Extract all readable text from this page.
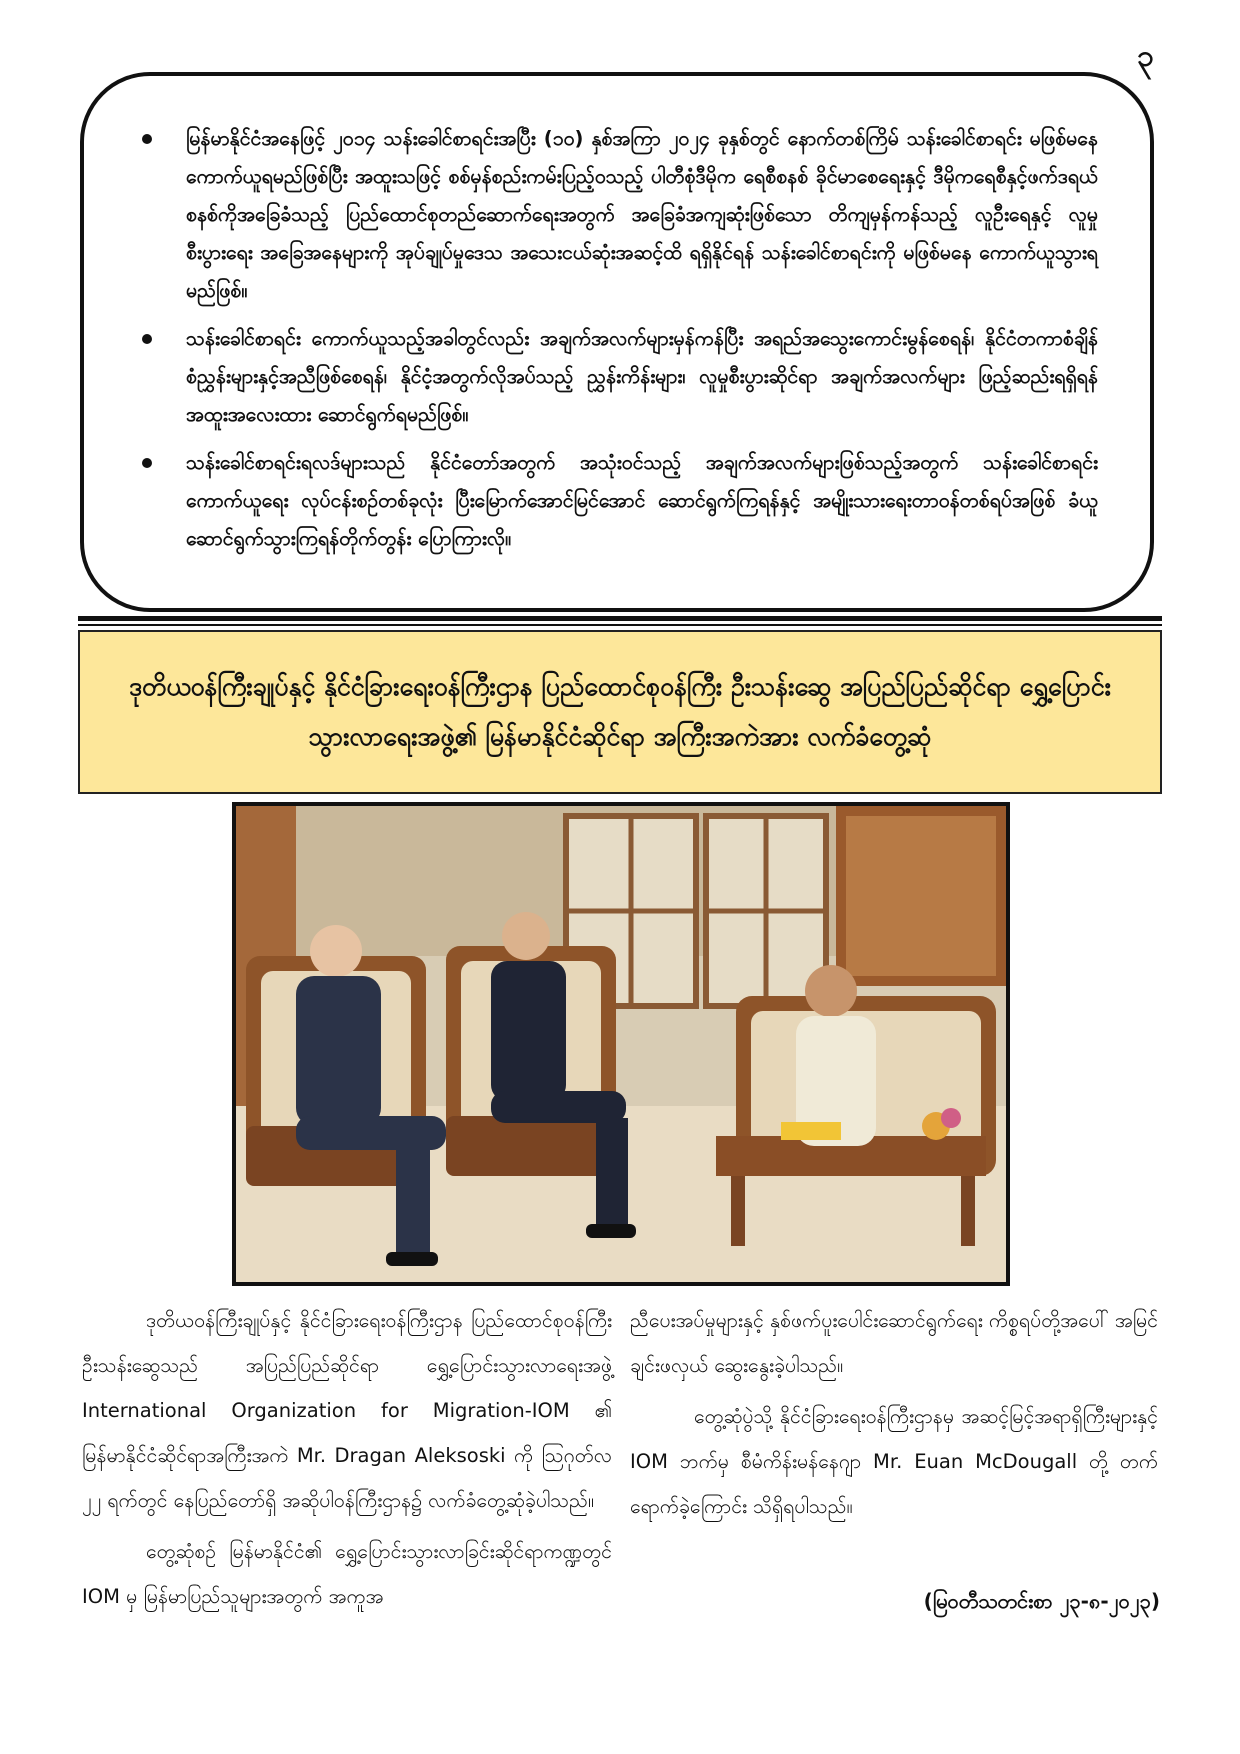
၃
မြန်မာနိုင်ငံအနေဖြင့် ၂၀၁၄ သန်းခေါင်စာရင်းအပြီး (၁၀) နှစ်အကြာ ၂၀၂၄ ခုနှစ်တွင် နောက်တစ်ကြိမ် သန်းခေါင်စာရင်း မဖြစ်မနေကောက်ယူရမည်ဖြစ်ပြီး အထူးသဖြင့် စစ်မှန်စည်းကမ်းပြည့်ဝသည့် ပါတီစုံဒီမိုက ရေစီစနစ် ခိုင်မာစေရေးနှင့် ဒီမိုကရေစီနှင့်ဖက်ဒရယ်စနစ်ကိုအခြေခံသည့် ပြည်ထောင်စုတည်ဆောက်ရေးအတွက် အခြေခံအကျဆုံးဖြစ်သော တိကျမှန်ကန်သည့် လူဦးရေနှင့် လူမှုစီးပွားရေး အခြေအနေများကို အုပ်ချုပ်မှုဒေသ အသေးငယ်ဆုံးအဆင့်ထိ ရရှိနိုင်ရန် သန်းခေါင်စာရင်းကို မဖြစ်မနေ ကောက်ယူသွားရမည်ဖြစ်။
သန်းခေါင်စာရင်း ကောက်ယူသည့်အခါတွင်လည်း အချက်အလက်များမှန်ကန်ပြီး အရည်အသွေးကောင်းမွန်စေရန်၊ နိုင်ငံတကာစံချိန်စံညွှန်းများနှင့်အညီဖြစ်စေရန်၊ နိုင်ငံ့အတွက်လိုအပ်သည့် ညွှန်းကိန်းများ၊ လူမှုစီးပွားဆိုင်ရာ အချက်အလက်များ ဖြည့်ဆည်းရရှိရန် အထူးအလေးထား ဆောင်ရွက်ရမည်ဖြစ်။
သန်းခေါင်စာရင်းရလဒ်များသည် နိုင်ငံတော်အတွက် အသုံးဝင်သည့် အချက်အလက်များဖြစ်သည့်အတွက် သန်းခေါင်စာရင်းကောက်ယူရေး လုပ်ငန်းစဉ်တစ်ခုလုံး ပြီးမြောက်အောင်မြင်အောင် ဆောင်ရွက်ကြရန်နှင့် အမျိုးသားရေးတာဝန်တစ်ရပ်အဖြစ် ခံယူဆောင်ရွက်သွားကြရန်တိုက်တွန်း ပြောကြားလို။
ဒုတိယဝန်ကြီးချုပ်နှင့် နိုင်ငံခြားရေးဝန်ကြီးဌာန ပြည်ထောင်စုဝန်ကြီး ဦးသန်းဆွေ အပြည်ပြည်ဆိုင်ရာ ရွှေ့ပြောင်းသွားလာရေးအဖွဲ့၏ မြန်မာနိုင်ငံဆိုင်ရာ အကြီးအကဲအား လက်ခံတွေ့ဆုံ

ဒုတိယဝန်ကြီးချုပ်နှင့် နိုင်ငံခြားရေးဝန်ကြီးဌာန ပြည်ထောင်စုဝန်ကြီး ဦးသန်းဆွေသည် အပြည်ပြည်ဆိုင်ရာ ရွှေ့ပြောင်းသွားလာရေးအဖွဲ့ International Organization for Migration-IOM ၏ မြန်မာနိုင်ငံဆိုင်ရာအကြီးအကဲ Mr. Dragan Aleksoski ကို ဩဂုတ်လ ၂၂ ရက်တွင် နေပြည်တော်ရှိ အဆိုပါဝန်ကြီးဌာန၌ လက်ခံတွေ့ဆုံခဲ့ပါသည်။

တွေ့ဆုံစဉ် မြန်မာနိုင်ငံ၏ ရွှေ့ပြောင်းသွားလာခြင်းဆိုင်ရာကဏ္ဍတွင် IOM မှ မြန်မာပြည်သူများအတွက် အကူအ

ညီပေးအပ်မှုများနှင့် နှစ်ဖက်ပူးပေါင်းဆောင်ရွက်ရေး ကိစ္စရပ်တို့အပေါ် အမြင်ချင်းဖလှယ် ဆွေးနွေးခဲ့ပါသည်။

တွေ့ဆုံပွဲသို့ နိုင်ငံခြားရေးဝန်ကြီးဌာနမှ အဆင့်မြင့်အရာရှိကြီးများနှင့် IOM ဘက်မှ စီမံကိန်းမန်နေဂျာ Mr. Euan McDougall တို့ တက်ရောက်ခဲ့ကြောင်း သိရှိရပါသည်။

(မြဝတီသတင်းစာ ၂၃-၈-၂၀၂၃)
